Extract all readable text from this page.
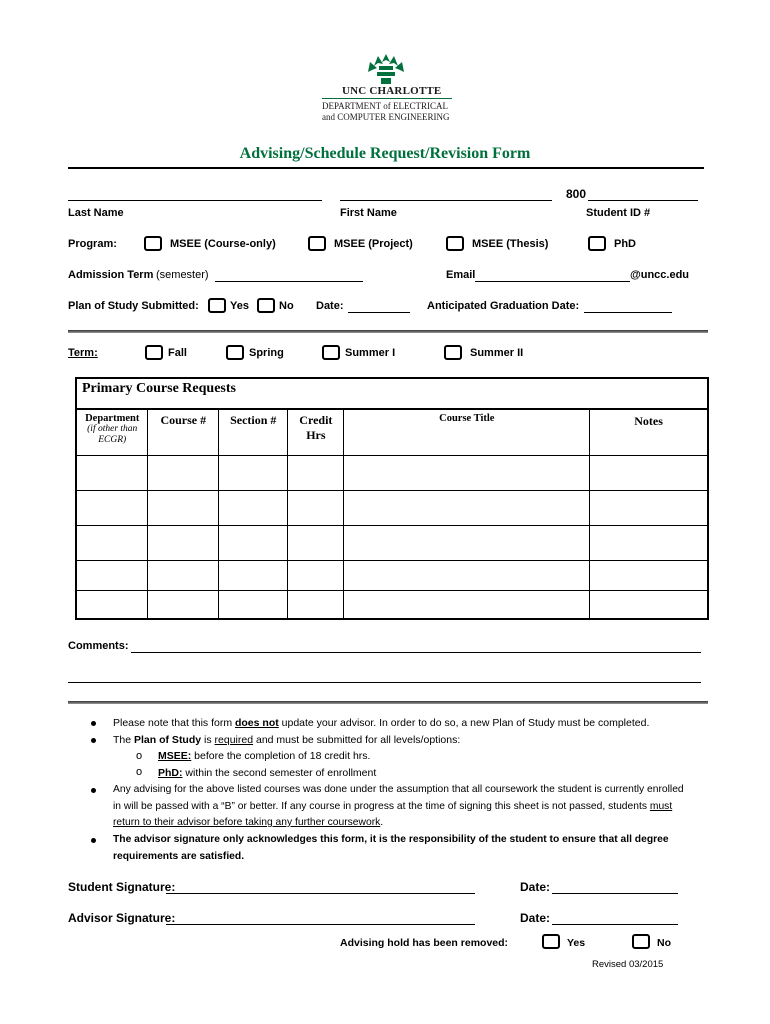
UNC CHARLOTTE
DEPARTMENT of ELECTRICAL
and COMPUTER ENGINEERING
Advising/Schedule Request/Revision Form
800
Last Name	First Name	Student ID #
Program:	MSEE (Course-only)	MSEE (Project)	MSEE (Thesis)	PhD
Admission Term (semester)	Email	@uncc.edu
Plan of Study Submitted:	Yes	No Date:	Anticipated Graduation Date:
Term:	Fall	Spring	Summer I	Summer II
Primary Course Requests
Department
(if other than ECGR)	Course #	Section #	Credit Hrs	Course Title	Notes

Comments:
Please note that this form does not update your advisor. In order to do so, a new Plan of Study must be completed.
The Plan of Study is required and must be submitted for all levels/options:
o MSEE: before the completion of 18 credit hrs.
o PhD: within the second semester of enrollment
Any advising for the above listed courses was done under the assumption that all coursework the student is currently enrolled
in will be passed with a “B” or better. If any course in progress at the time of signing this sheet is not passed, students must
return to their advisor before taking any further coursework.
The advisor signature only acknowledges this form, it is the responsibility of the student to ensure that all degree
requirements are satisfied.
Student Signature:	Date:
Advisor Signature:	Date:
Advising hold has been removed:	Yes	No
Revised 03/2015
